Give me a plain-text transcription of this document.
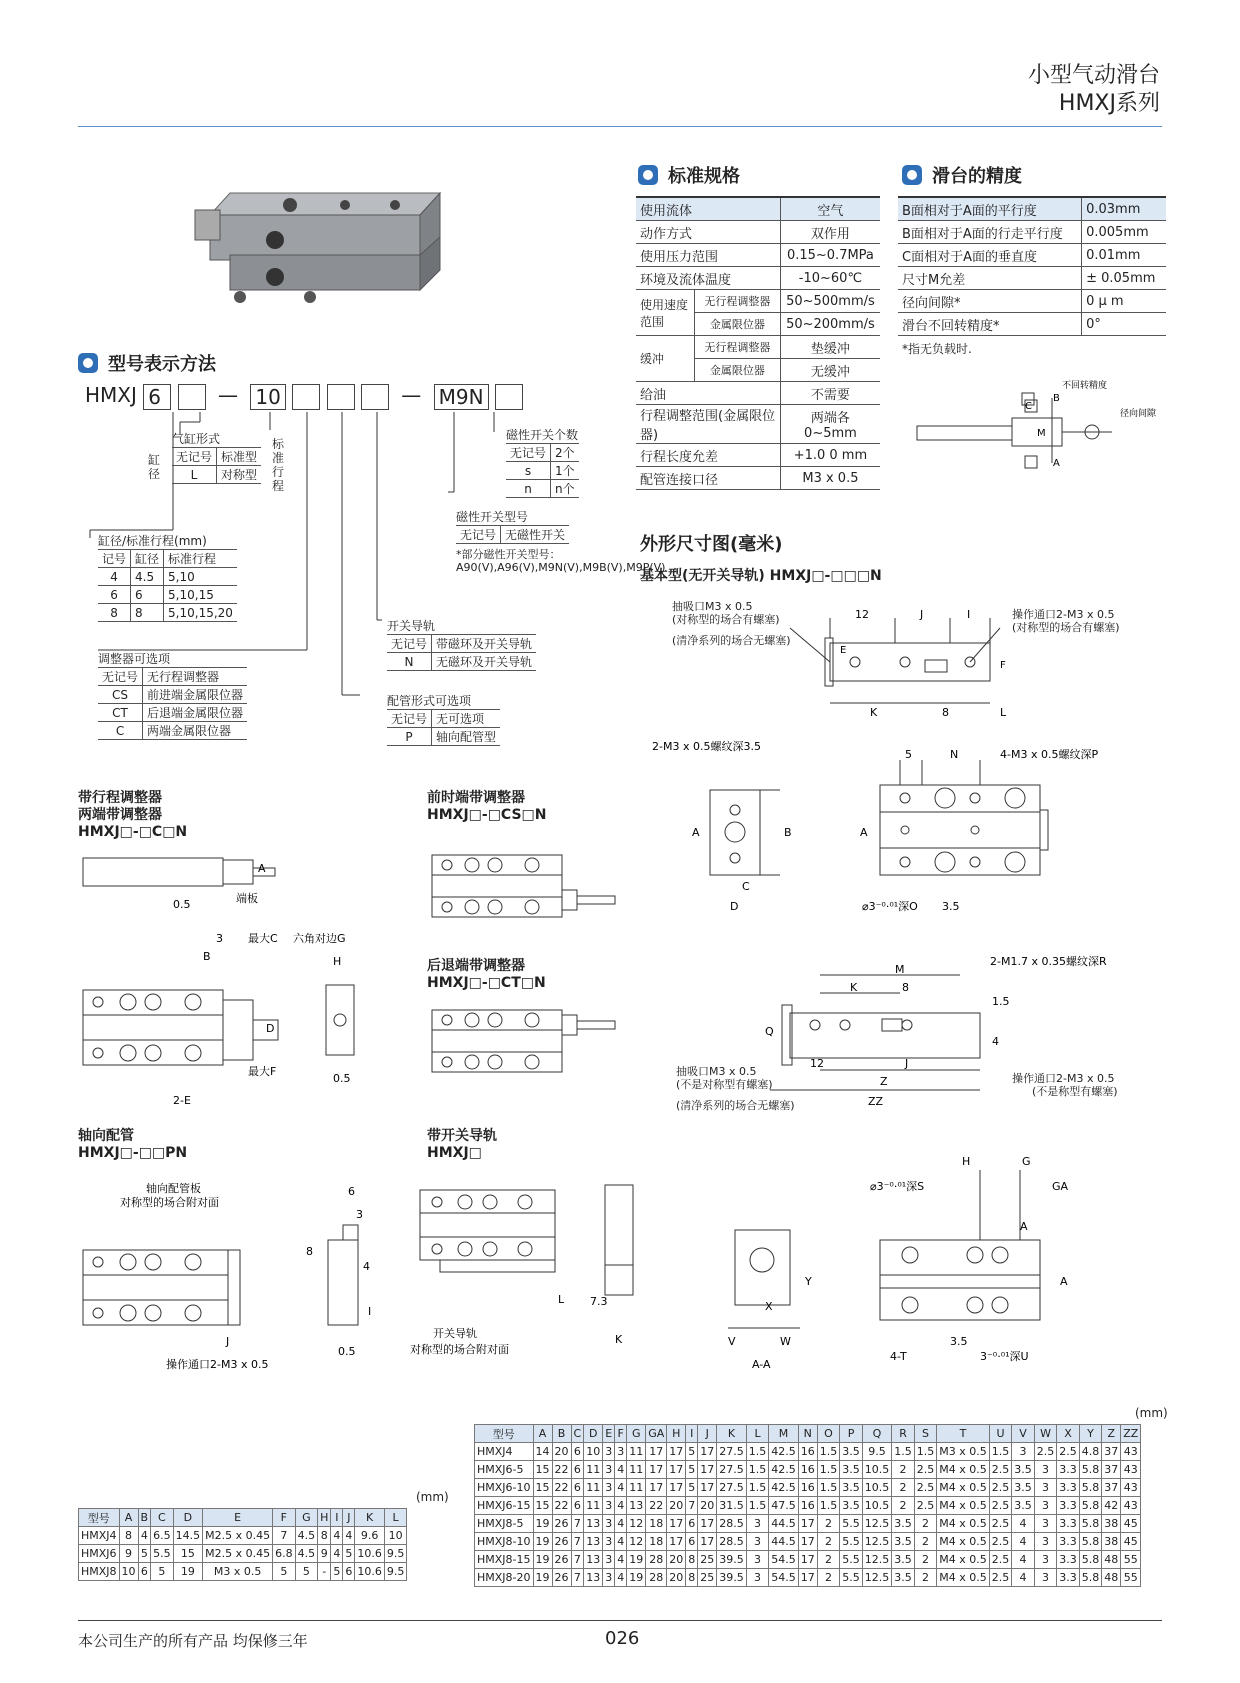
小型气动滑台
HMXJ系列
标准规格
使用流体		空气
动作方式		双作用
使用压力范围		0.15~0.7MPa
环境及流体温度		-10~60℃
使用速度范围	无行程调整器	50~500mm/s
	金属限位器	50~200mm/s
缓冲	无行程调整器	垫缓冲
	金属限位器	无缓冲
给油		不需要
行程调整范围(金属限位器)		两端各0~5mm
行程长度允差		+1.0 0 mm
配管连接口径		M3 x 0.5
滑台的精度
B面相对于A面的平行度	0.03mm
B面相对于A面的行走平行度	0.005mm
C面相对于A面的垂直度	0.01mm
尺寸M允差	± 0.05mm
径向间隙*	0 μ m
滑台不回转精度*	0°
*指无负载时.
C
B
A
M
不回转精度
径向间隙
型号表示方法
HMXJ 6	— 10	— M9N
缸
径
标
准
行
程
气缸形式
无记号	标准型
L	对称型
磁性开关个数
无记号	2个
s	1个
n	n个
磁性开关型号
无记号	无磁性开关
*部分磁性开关型号：A90(V),A96(V),M9N(V),M9B(V),M9P(V)
缸径/标准行程(mm)
记号	缸径	标准行程
4	4.5	5,10
6	6	5,10,15
8	8	5,10,15,20
开关导轨
无记号	带磁环及开关导轨
N	无磁环及开关导轨
调整器可选项
无记号	无行程调整器
CS	前进端金属限位器
CT	后退端金属限位器
C	两端金属限位器
配管形式可选项
无记号	无可选项
P	轴向配管型
外形尺寸图(毫米)
基本型(无开关导轨) HMXJ□-□□□N
12	J	I
E
F
K	8	L
抽吸口M3 x 0.5
(对称型的场合有螺塞)
(清净系列的场合无螺塞)
操作通口2-M3 x 0.5
(对称型的场合有螺塞)
2-M3 x 0.5螺纹深3.5
5	N	4-M3 x 0.5螺纹深P
A	B
C
D
A
⌀3⁻⁰·⁰¹深O 3.5
M
K	8
2-M1.7 x 0.35螺纹深R
1.5
Q
4
12	J
Z
ZZ
抽吸口M3 x 0.5
(不是对称型有螺塞)
(清净系列的场合无螺塞)
操作通口2-M3 x 0.5
(不是称型有螺塞)
H	G
GA
⌀3⁻⁰·⁰¹深S
A
A
Y
X
V	W
A-A
4-T	3⁻⁰·⁰¹深U
3.5
带行程调整器
两端带调整器
HMXJ□-□C□N
端板
0.5
A
3
B
最大C 六角对边G
H
D
最大F
2-E
0.5
前时端带调整器
HMXJ□-□CS□N
后退端带调整器
HMXJ□-□CT□N
轴向配管
HMXJ□-□□PN
轴向配管板
对称型的场合附对面
J
操作通口2-M3 x 0.5
6
3
8
4
I
0.5
带开关导轨
HMXJ□
开关导轨
对称型的场合附对面
L 7.3
K
(mm)
型号	A	B	C	D	E	F	G	H	I	J	K	L
HMXJ4	8	4	6.5	14.5	M2.5 x 0.45	7	4.5	8	4	4	9.6	10
HMXJ6	9	5	5.5	15	M2.5 x 0.45	6.8	4.5	9	4	5	10.6	9.5
HMXJ8	10	6	5	19	M3 x 0.5	5	5	-	5	6	10.6	9.5
(mm)
型号	A	B	C	D	E	F	G	GA	H	I	J	K	L	M	N	O	P	Q	R	S	T	U	V	W	X	Y	Z	ZZ
HMXJ4	14	20	6	10	3	3	11	17	17	5	17	27.5	1.5	42.5	16	1.5	3.5	9.5	1.5	1.5	M3 x 0.5	1.5	3	2.5	2.5	4.8	37	43
HMXJ6-5	15	22	6	11	3	4	11	17	17	5	17	27.5	1.5	42.5	16	1.5	3.5	10.5	2	2.5	M4 x 0.5	2.5	3.5	3	3.3	5.8	37	43
HMXJ6-10	15	22	6	11	3	4	11	17	17	5	17	27.5	1.5	42.5	16	1.5	3.5	10.5	2	2.5	M4 x 0.5	2.5	3.5	3	3.3	5.8	37	43
HMXJ6-15	15	22	6	11	3	4	13	22	20	7	20	31.5	1.5	47.5	16	1.5	3.5	10.5	2	2.5	M4 x 0.5	2.5	3.5	3	3.3	5.8	42	43
HMXJ8-5	19	26	7	13	3	4	12	18	17	6	17	28.5	3	44.5	17	2	5.5	12.5	3.5	2	M4 x 0.5	2.5	4	3	3.3	5.8	38	45
HMXJ8-10	19	26	7	13	3	4	12	18	17	6	17	28.5	3	44.5	17	2	5.5	12.5	3.5	2	M4 x 0.5	2.5	4	3	3.3	5.8	38	45
HMXJ8-15	19	26	7	13	3	4	19	28	20	8	25	39.5	3	54.5	17	2	5.5	12.5	3.5	2	M4 x 0.5	2.5	4	3	3.3	5.8	48	55
HMXJ8-20	19	26	7	13	3	4	19	28	20	8	25	39.5	3	54.5	17	2	5.5	12.5	3.5	2	M4 x 0.5	2.5	4	3	3.3	5.8	48	55
本公司生产的所有产品 均保修三年	026
